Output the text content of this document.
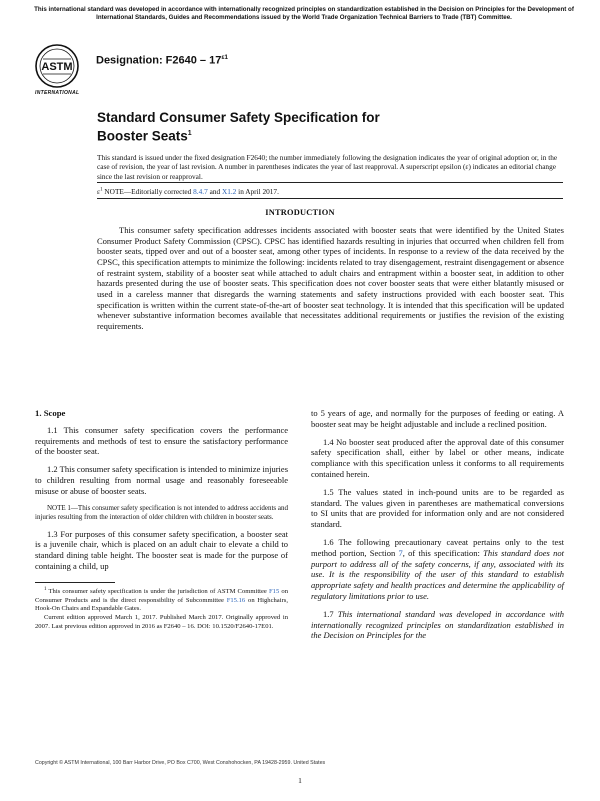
This international standard was developed in accordance with internationally recognized principles on standardization established in the Decision on Principles for the Development of International Standards, Guides and Recommendations issued by the World Trade Organization Technical Barriers to Trade (TBT) Committee.
ASTM
INTERNATIONAL
Designation: $F2640 - 17^{\varepsilon 1}$
Standard Consumer Safety Specification for Booster Seats$^1$
This standard is issued under the fixed designation F2640; the number immediately following the designation indicates the year of original adoption or, in the case of revision, the year of last revision. A number in parentheses indicates the year of last reapproval. A superscript epsilon (ε) indicates an editorial change since the last revision or reapproval.
$\varepsilon^1$ NOTE—Editorially corrected 8.4.7 and X1.2 in April 2017.
INTRODUCTION
This consumer safety specification addresses incidents associated with booster seats that were identified by the United States Consumer Product Safety Commission (CPSC). CPSC has identified hazards resulting in injuries that occurred when children fell from booster seats, tipped over and out of a booster seat, among other types of incidents. In response to a review of the data received by the CPSC, this specification attempts to minimize the following: incidents related to tray disengagement, restraint disengagement or absence of restraint system, stability of a booster seat while attached to adult chairs and entrapment within a booster seat, in addition to other hazards presented during the use of booster seats. This specification does not cover booster seats that were either blatantly misused or used in a careless manner that disregards the warning statements and safety instructions provided with each booster seat. This specification is written within the current state-of-the-art of booster seat technology. It is intended that this specification will be updated whenever substantive information becomes available that necessitates additional requirements or justifies the revision of the existing requirements.

1. Scope

1.1 This consumer safety specification covers the performance requirements and methods of test to ensure the satisfactory performance of the booster seat.

1.2 This consumer safety specification is intended to minimize injuries to children resulting from normal usage and reasonably foreseeable misuse or abuse of booster seats.

NOTE 1—This consumer safety specification is not intended to address accidents and injuries resulting from the interaction of older children with children in booster seats.

1.3 For purposes of this consumer safety specification, a booster seat is a juvenile chair, which is placed on an adult chair to elevate a child to standard dining table height. The booster seat is made for the purpose of containing a child, up

$^1$ This consumer safety specification is under the jurisdiction of ASTM Committee F15 on Consumer Products and is the direct responsibility of Subcommittee F15.16 on Highchairs, Hook-On Chairs and Expandable Gates.

Current edition approved March 1, 2017. Published March 2017. Originally approved in 2007. Last previous edition approved in 2016 as F2640 – 16. DOI: 10.1520/F2640-17E01.

to 5 years of age, and normally for the purposes of feeding or eating. A booster seat may be height adjustable and include a reclined position.

1.4 No booster seat produced after the approval date of this consumer safety specification shall, either by label or other means, indicate compliance with this specification unless it conforms to all requirements contained herein.

1.5 The values stated in inch-pound units are to be regarded as standard. The values given in parentheses are mathematical conversions to SI units that are provided for information only and are not considered standard.

1.6 The following precautionary caveat pertains only to the test method portion, Section 7, of this specification: This standard does not purport to address all of the safety concerns, if any, associated with its use. It is the responsibility of the user of this standard to establish appropriate safety and health practices and determine the applicability of regulatory limitations prior to use.

1.7 This international standard was developed in accordance with internationally recognized principles on standardization established in the Decision on Principles for the

Copyright © ASTM International, 100 Barr Harbor Drive, PO Box C700, West Conshohocken, PA 19428-2959. United States
1
